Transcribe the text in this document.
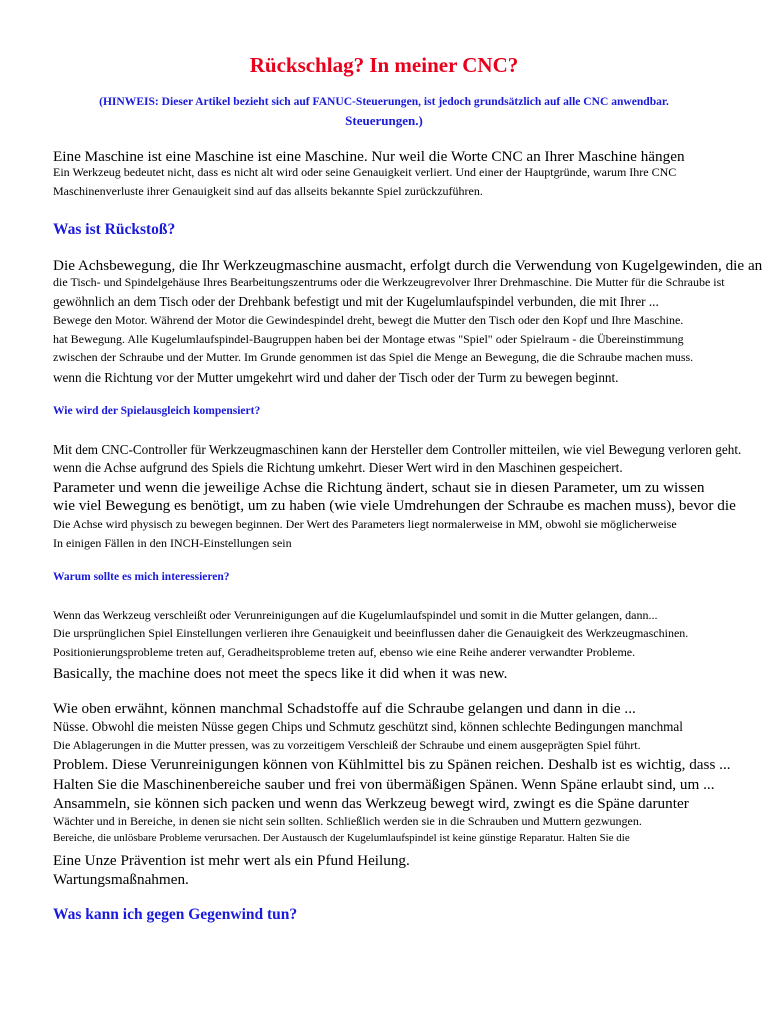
Rückschlag? In meiner CNC?
(HINWEIS: Dieser Artikel bezieht sich auf FANUC-Steuerungen, ist jedoch grundsätzlich auf alle CNC anwendbar.
Steuerungen.)
Eine Maschine ist eine Maschine ist eine Maschine. Nur weil die Worte CNC an Ihrer Maschine hängen
Ein Werkzeug bedeutet nicht, dass es nicht alt wird oder seine Genauigkeit verliert. Und einer der Hauptgründe, warum Ihre CNC
Maschinenverluste ihrer Genauigkeit sind auf das allseits bekannte Spiel zurückzuführen.
Was ist Rückstoß?
Die Achsbewegung, die Ihr Werkzeugmaschine ausmacht, erfolgt durch die Verwendung von Kugelgewinden, die an
die Tisch- und Spindelgehäuse Ihres Bearbeitungszentrums oder die Werkzeugrevolver Ihrer Drehmaschine. Die Mutter für die Schraube ist
gewöhnlich an dem Tisch oder der Drehbank befestigt und mit der Kugelumlaufspindel verbunden, die mit Ihrer ...
Bewege den Motor. Während der Motor die Gewindespindel dreht, bewegt die Mutter den Tisch oder den Kopf und Ihre Maschine.
hat Bewegung. Alle Kugelumlaufspindel-Baugruppen haben bei der Montage etwas "Spiel" oder Spielraum - die Übereinstimmung
zwischen der Schraube und der Mutter. Im Grunde genommen ist das Spiel die Menge an Bewegung, die die Schraube machen muss.
wenn die Richtung vor der Mutter umgekehrt wird und daher der Tisch oder der Turm zu bewegen beginnt.
Wie wird der Spielausgleich kompensiert?
Mit dem CNC-Controller für Werkzeugmaschinen kann der Hersteller dem Controller mitteilen, wie viel Bewegung verloren geht.
wenn die Achse aufgrund des Spiels die Richtung umkehrt. Dieser Wert wird in den Maschinen gespeichert.
Parameter und wenn die jeweilige Achse die Richtung ändert, schaut sie in diesen Parameter, um zu wissen
wie viel Bewegung es benötigt, um zu haben (wie viele Umdrehungen der Schraube es machen muss), bevor die
Die Achse wird physisch zu bewegen beginnen. Der Wert des Parameters liegt normalerweise in MM, obwohl sie möglicherweise
In einigen Fällen in den INCH-Einstellungen sein
Warum sollte es mich interessieren?
Wenn das Werkzeug verschleißt oder Verunreinigungen auf die Kugelumlaufspindel und somit in die Mutter gelangen, dann...
Die ursprünglichen Spiel Einstellungen verlieren ihre Genauigkeit und beeinflussen daher die Genauigkeit des Werkzeugmaschinen.
Positionierungsprobleme treten auf, Geradheitsprobleme treten auf, ebenso wie eine Reihe anderer verwandter Probleme.
Basically, the machine does not meet the specs like it did when it was new.
Wie oben erwähnt, können manchmal Schadstoffe auf die Schraube gelangen und dann in die ...
Nüsse. Obwohl die meisten Nüsse gegen Chips und Schmutz geschützt sind, können schlechte Bedingungen manchmal
Die Ablagerungen in die Mutter pressen, was zu vorzeitigem Verschleiß der Schraube und einem ausgeprägten Spiel führt.
Problem. Diese Verunreinigungen können von Kühlmittel bis zu Spänen reichen. Deshalb ist es wichtig, dass ...
Halten Sie die Maschinenbereiche sauber und frei von übermäßigen Spänen. Wenn Späne erlaubt sind, um ...
Ansammeln, sie können sich packen und wenn das Werkzeug bewegt wird, zwingt es die Späne darunter
Wächter und in Bereiche, in denen sie nicht sein sollten. Schließlich werden sie in die Schrauben und Muttern gezwungen.
Bereiche, die unlösbare Probleme verursachen. Der Austausch der Kugelumlaufspindel ist keine günstige Reparatur. Halten Sie die
Eine Unze Prävention ist mehr wert als ein Pfund Heilung.
Wartungsmaßnahmen.
Was kann ich gegen Gegenwind tun?
